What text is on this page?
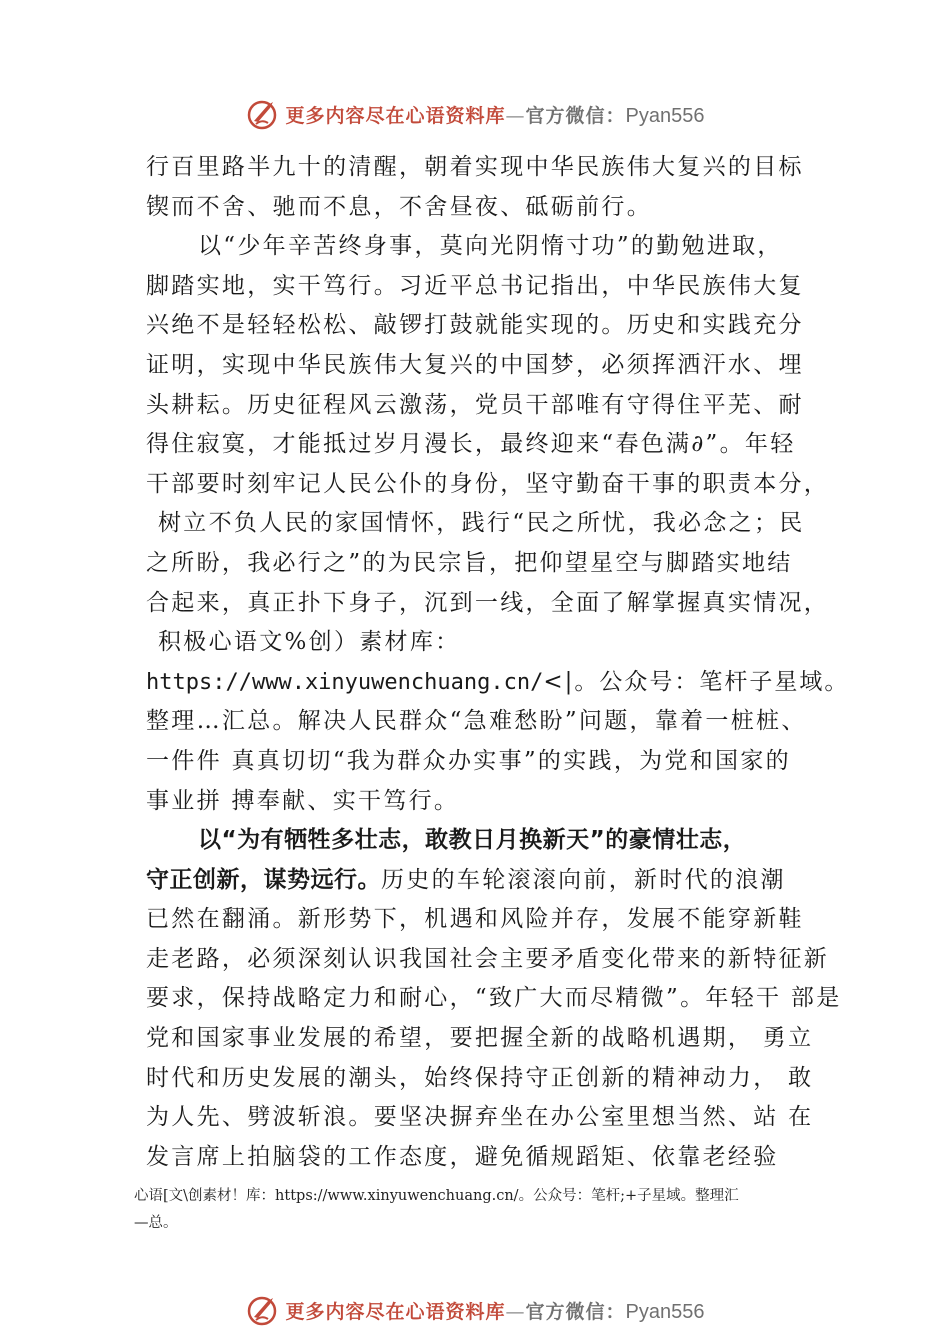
更多内容尽在心语资料库—官方微信：Pyan556
行百里路半九十的清醒，朝着实现中华民族伟大复兴的目标
锲而不舍、驰而不息，不舍昼夜、砥砺前行。
以“少年辛苦终身事，莫向光阴惰寸功”的勤勉进取，
脚踏实地，实干笃行。习近平总书记指出，中华民族伟大复
兴绝不是轻轻松松、敲锣打鼓就能实现的。历史和实践充分
证明，实现中华民族伟大复兴的中国梦，必须挥洒汗水、埋
头耕耘。历史征程风云激荡，党员干部唯有守得住平芜、耐
得住寂寞，才能抵过岁月漫长，最终迎来“春色满∂”。年轻
干部要时刻牢记人民公仆的身份，坚守勤奋干事的职责本分，
树立不负人民的家国情怀，践行“民之所忧，我必念之；民
之所盼，我必行之”的为民宗旨，把仰望星空与脚踏实地结
合起来，真正扑下身子，沉到一线，全面了解掌握真实情况，
积极心语文%创）素材库：
https://www.xinyuwenchuang.cn/<|。公众号：笔杆子星域。
整理…汇总。解决人民群众“急难愁盼”问题，靠着一桩桩、
一件件 真真切切“我为群众办实事”的实践，为党和国家的
事业拼 搏奉献、实干笃行。
以“为有牺牲多壮志，敢教日月换新天”的豪情壮志，
守正创新，谋势远行。历史的车轮滚滚向前，新时代的浪潮
已然在翻涌。新形势下，机遇和风险并存，发展不能穿新鞋
走老路，必须深刻认识我国社会主要矛盾变化带来的新特征新
要求，保持战略定力和耐心，“致广大而尽精微”。年轻干 部是
党和国家事业发展的希望，要把握全新的战略机遇期， 勇立
时代和历史发展的潮头，始终保持守正创新的精神动力， 敢
为人先、劈波斩浪。要坚决摒弃坐在办公室里想当然、站 在
发言席上拍脑袋的工作态度，避免循规蹈矩、依靠老经验
心语[文\创素材！库：https://www.xinyuwenchuang.cn/。公众号：笔杆;+子星域。整理汇
—总。
更多内容尽在心语资料库—官方微信：Pyan556
